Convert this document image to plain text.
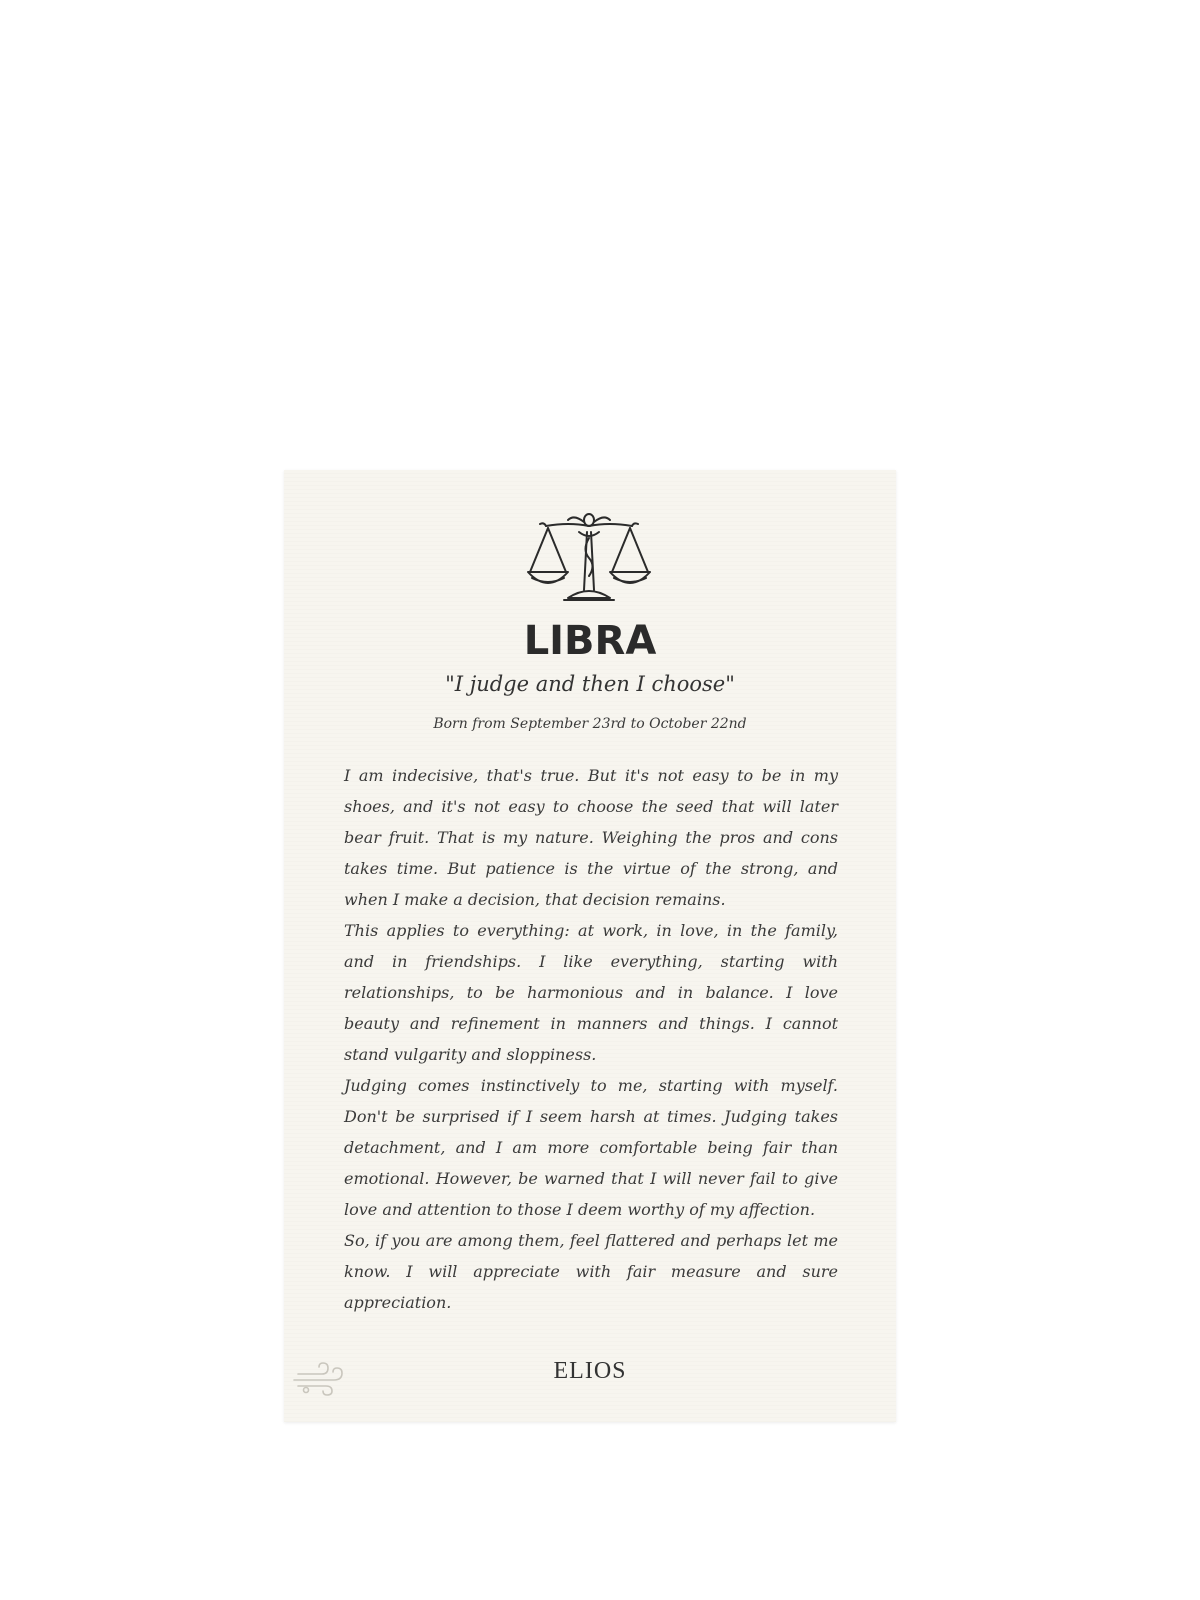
LIBRA
"I judge and then I choose"
Born from September 23rd to October 22nd

I am indecisive, that's true. But it's not easy to be in my shoes, and it's not easy to choose the seed that will later bear fruit. That is my nature. Weighing the pros and cons takes time. But patience is the virtue of the strong, and when I make a decision, that decision remains.

This applies to everything: at work, in love, in the family, and in friendships. I like everything, starting with relationships, to be harmonious and in balance. I love beauty and refinement in manners and things. I cannot stand vulgarity and sloppiness.

Judging comes instinctively to me, starting with myself. Don't be surprised if I seem harsh at times. Judging takes detachment, and I am more comfortable being fair than emotional. However, be warned that I will never fail to give love and attention to those I deem worthy of my affection.

So, if you are among them, feel flattered and perhaps let me know. I will appreciate with fair measure and sure appreciation.

ELIOS
